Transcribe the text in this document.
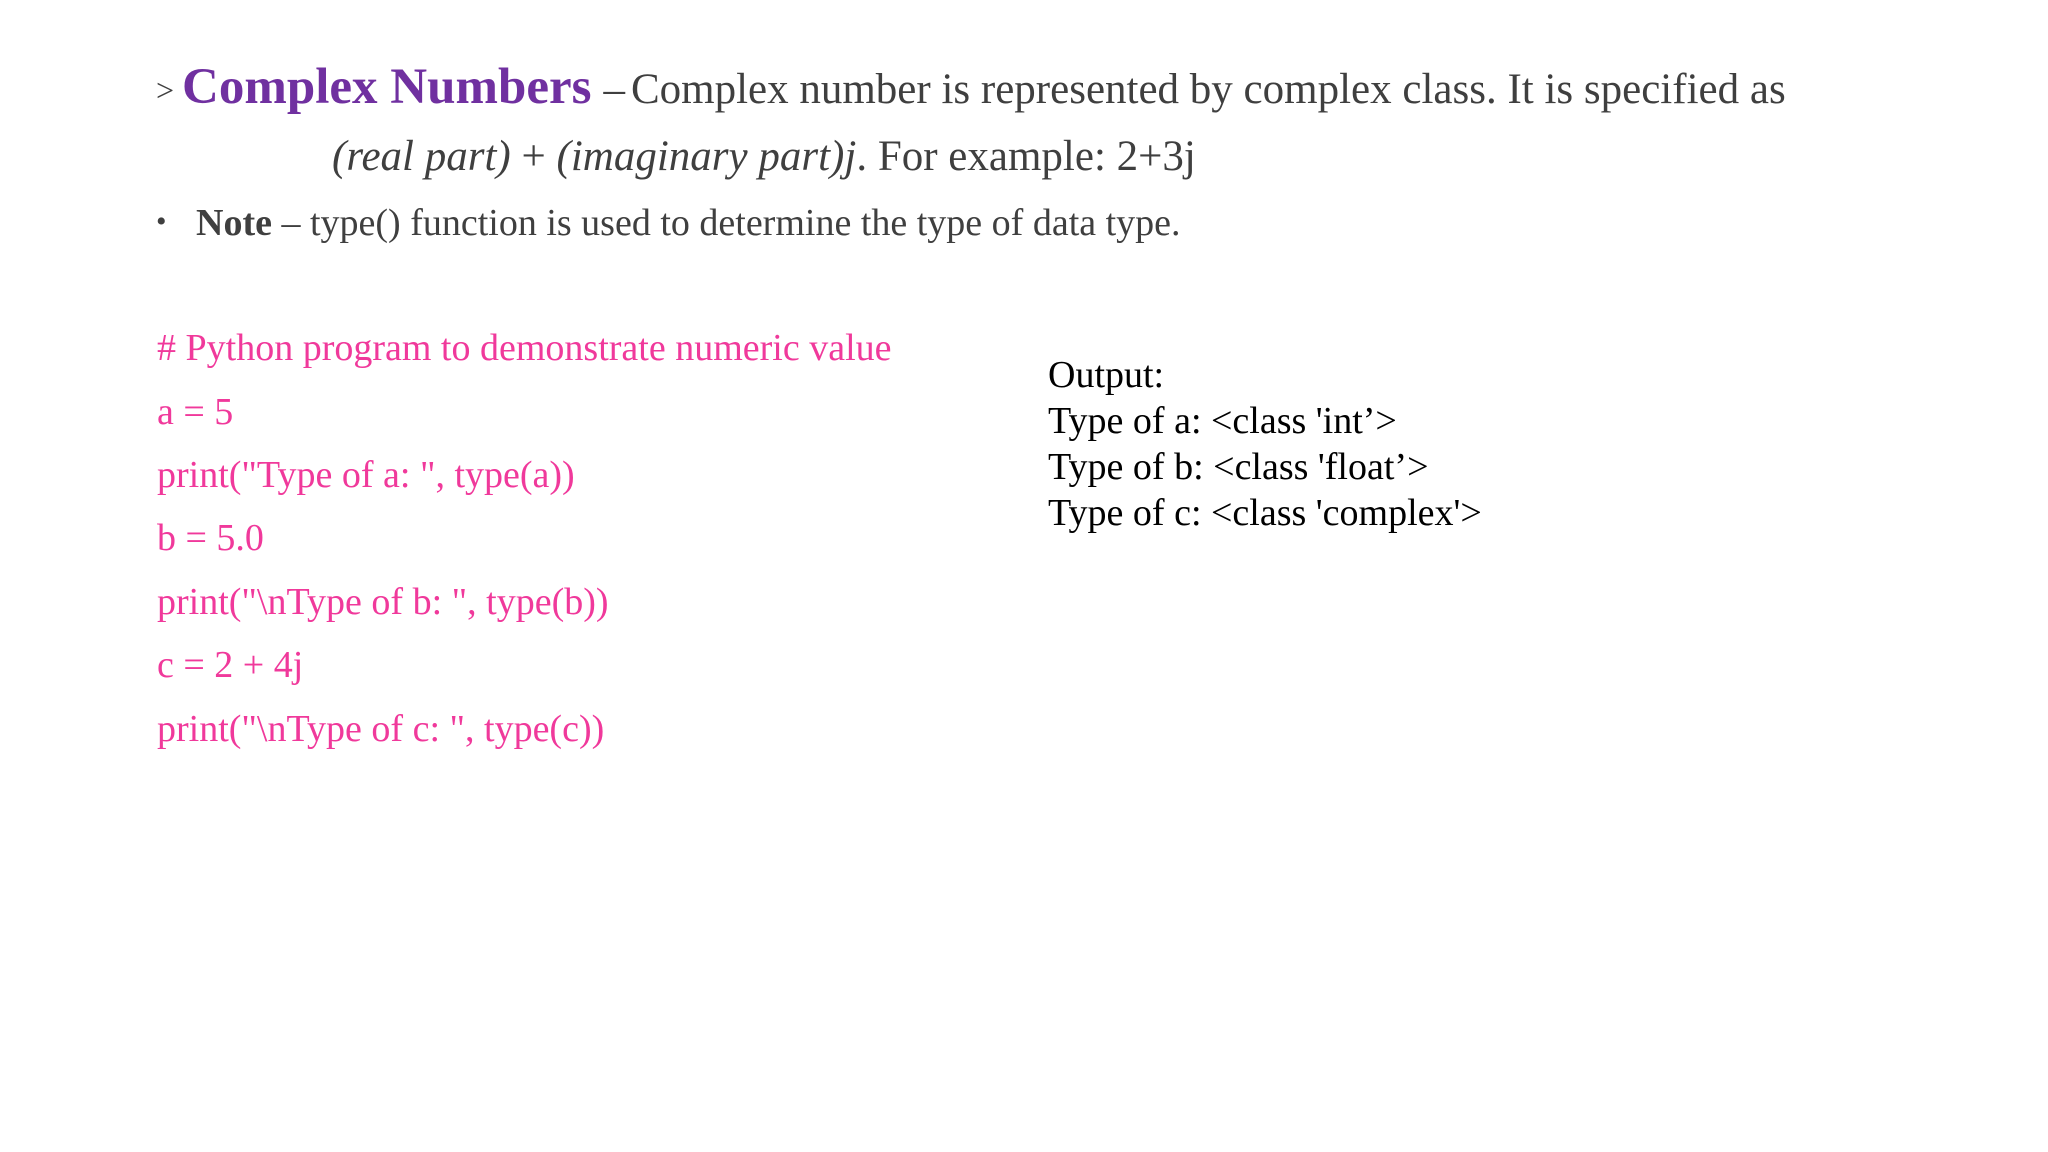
> Complex Numbers – Complex number is represented by complex class. It is specified as
(real part) + (imaginary part)j. For example: 2+3j
• Note – type() function is used to determine the type of data type.
# Python program to demonstrate numeric value
a = 5
print("Type of a: ", type(a))
b = 5.0
print("\nType of b: ", type(b))
c = 2 + 4j
print("\nType of c: ", type(c))
Output:
Type of a: <class 'int’>
Type of b: <class 'float’>
Type of c: <class 'complex'>
